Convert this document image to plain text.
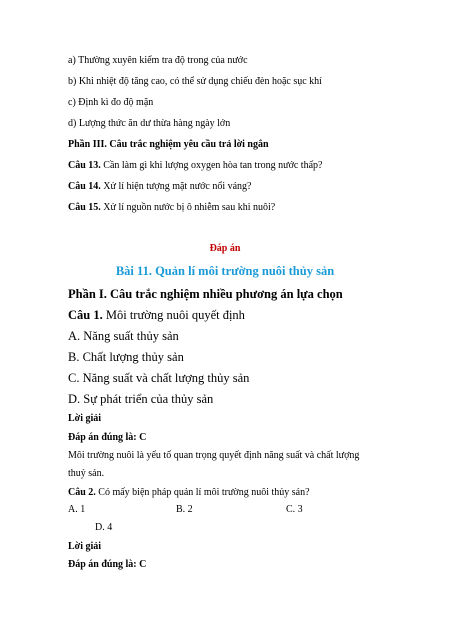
a) Thường xuyên kiểm tra độ trong của nước
b) Khi nhiệt độ tăng cao, có thể sử dụng chiếu đèn hoặc sục khí
c) Định kì đo độ mặn
d) Lượng thức ăn dư thừa hàng ngày lớn
Phần III. Câu trắc nghiệm yêu cầu trả lời ngắn
Câu 13. Cần làm gì khi lượng oxygen hòa tan trong nước thấp?
Câu 14. Xử lí hiện tượng mặt nước nổi váng?
Câu 15. Xử lí nguồn nước bị ô nhiễm sau khi nuôi?
Đáp án
Bài 11. Quản lí môi trường nuôi thủy sản
Phần I. Câu trắc nghiệm nhiều phương án lựa chọn
Câu 1. Môi trường nuôi quyết định
A. Năng suất thủy sản
B. Chất lượng thủy sản
C. Năng suất và chất lượng thủy sản
D. Sự phát triển của thủy sản
Lời giải
Đáp án đúng là: C
Môi trường nuôi là yếu tố quan trọng quyết định năng suất và chất lượng
thuỷ sản.
Câu 2. Có mấy biện pháp quản lí môi trường nuôi thủy sản?
A. 1	B. 2	C. 3
D. 4
Lời giải
Đáp án đúng là: C
